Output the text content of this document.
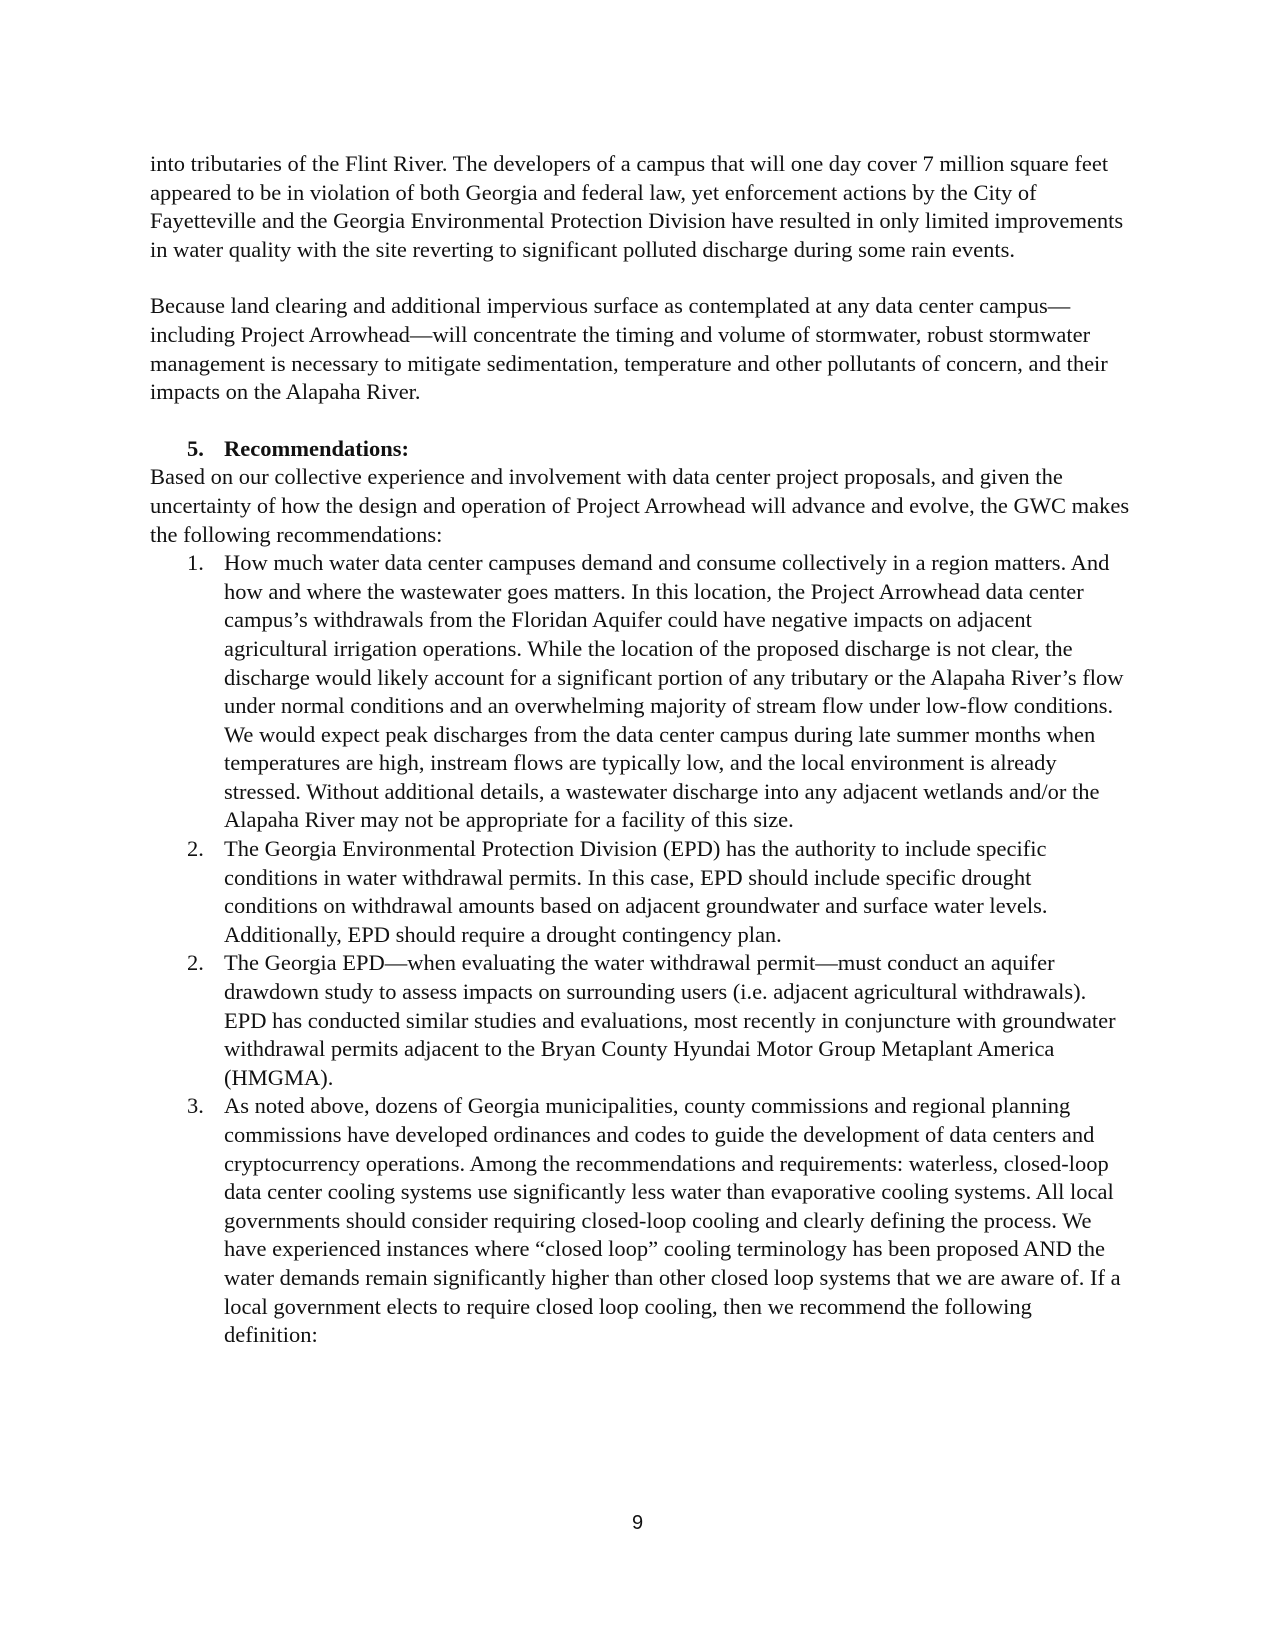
into tributaries of the Flint River. The developers of a campus that will one day cover 7 million square feet appeared to be in violation of both Georgia and federal law, yet enforcement actions by the City of Fayetteville and the Georgia Environmental Protection Division have resulted in only limited improvements in water quality with the site reverting to significant polluted discharge during some rain events.

Because land clearing and additional impervious surface as contemplated at any data center campus—including Project Arrowhead—will concentrate the timing and volume of stormwater, robust stormwater management is necessary to mitigate sedimentation, temperature and other pollutants of concern, and their impacts on the Alapaha River.

5. Recommendations:

Based on our collective experience and involvement with data center project proposals, and given the uncertainty of how the design and operation of Project Arrowhead will advance and evolve, the GWC makes the following recommendations:

1. How much water data center campuses demand and consume collectively in a region matters. And how and where the wastewater goes matters. In this location, the Project Arrowhead data center campus’s withdrawals from the Floridan Aquifer could have negative impacts on adjacent agricultural irrigation operations. While the location of the proposed discharge is not clear, the discharge would likely account for a significant portion of any tributary or the Alapaha River’s flow under normal conditions and an overwhelming majority of stream flow under low-flow conditions. We would expect peak discharges from the data center campus during late summer months when temperatures are high, instream flows are typically low, and the local environment is already stressed. Without additional details, a wastewater discharge into any adjacent wetlands and/or the Alapaha River may not be appropriate for a facility of this size.
2. The Georgia Environmental Protection Division (EPD) has the authority to include specific conditions in water withdrawal permits. In this case, EPD should include specific drought conditions on withdrawal amounts based on adjacent groundwater and surface water levels. Additionally, EPD should require a drought contingency plan.
2. The Georgia EPD—when evaluating the water withdrawal permit—must conduct an aquifer drawdown study to assess impacts on surrounding users (i.e. adjacent agricultural withdrawals). EPD has conducted similar studies and evaluations, most recently in conjuncture with groundwater withdrawal permits adjacent to the Bryan County Hyundai Motor Group Metaplant America (HMGMA).
3. As noted above, dozens of Georgia municipalities, county commissions and regional planning commissions have developed ordinances and codes to guide the development of data centers and cryptocurrency operations. Among the recommendations and requirements: waterless, closed-loop data center cooling systems use significantly less water than evaporative cooling systems. All local governments should consider requiring closed-loop cooling and clearly defining the process. We have experienced instances where “closed loop” cooling terminology has been proposed AND the water demands remain significantly higher than other closed loop systems that we are aware of. If a local government elects to require closed loop cooling, then we recommend the following definition:
9
